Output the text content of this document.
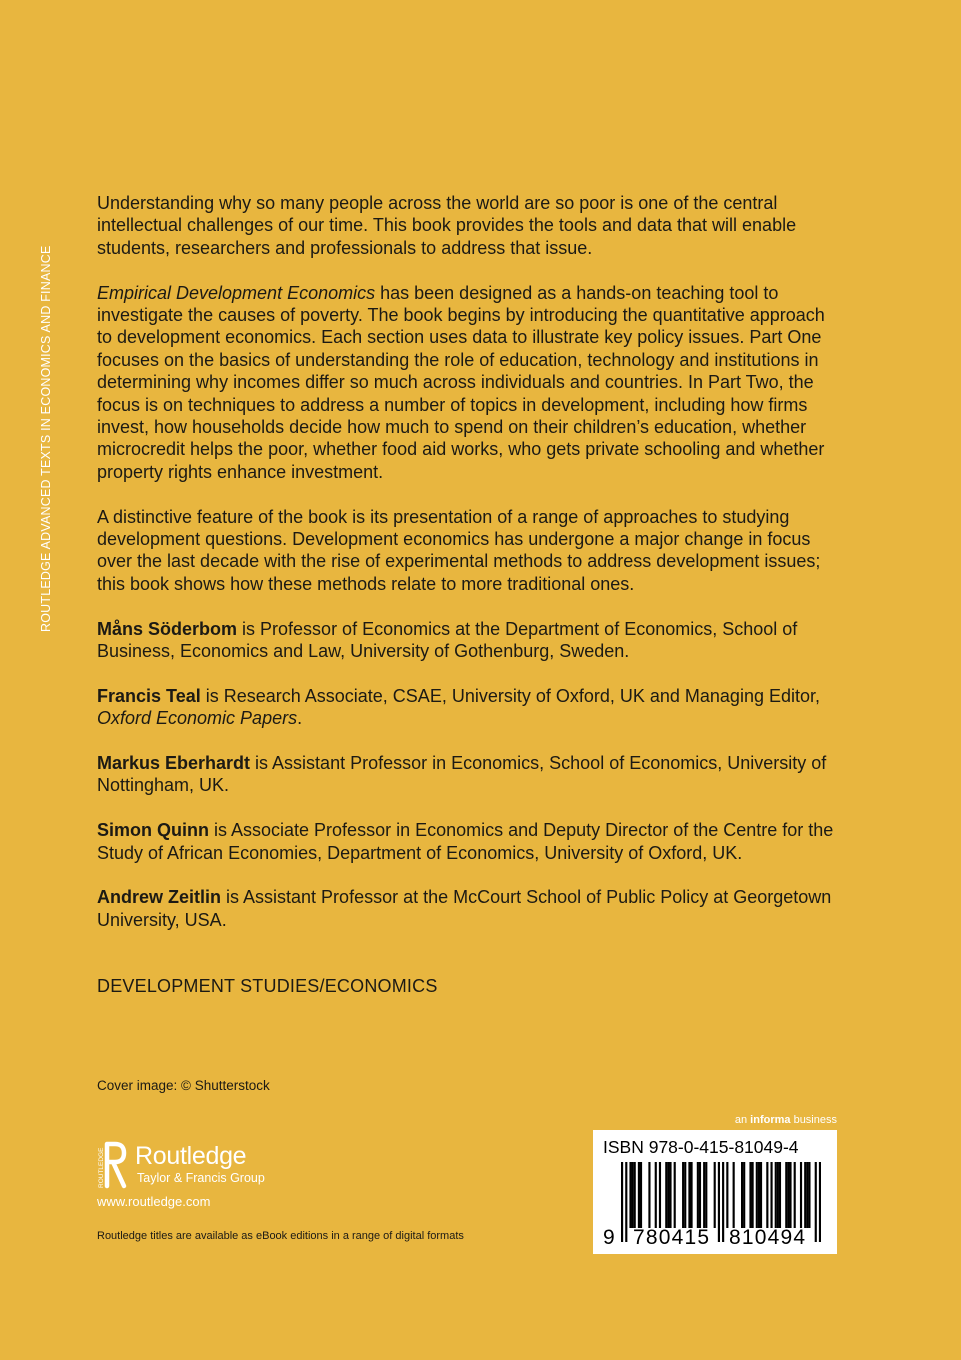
ROUTLEDGE ADVANCED TEXTS IN ECONOMICS AND FINANCE

Understanding why so many people across the world are so poor is one of the central intellectual challenges of our time. This book provides the tools and data that will enable students, researchers and professionals to address that issue.

Empirical Development Economics has been designed as a hands-on teaching tool to investigate the causes of poverty. The book begins by introducing the quantitative approach to development economics. Each section uses data to illustrate key policy issues. Part One focuses on the basics of understanding the role of education, technology and institutions in determining why incomes differ so much across individuals and countries. In Part Two, the focus is on techniques to address a number of topics in development, including how firms invest, how households decide how much to spend on their children’s education, whether microcredit helps the poor, whether food aid works, who gets private schooling and whether property rights enhance investment.

A distinctive feature of the book is its presentation of a range of approaches to studying development questions. Development economics has undergone a major change in focus over the last decade with the rise of experimental methods to address development issues; this book shows how these methods relate to more traditional ones.

Måns Söderbom is Professor of Economics at the Department of Economics, School of Business, Economics and Law, University of Gothenburg, Sweden.

Francis Teal is Research Associate, CSAE, University of Oxford, UK and Managing Editor, Oxford Economic Papers.

Markus Eberhardt is Assistant Professor in Economics, School of Economics, University of Nottingham, UK.

Simon Quinn is Associate Professor in Economics and Deputy Director of the Centre for the Study of African Economies, Department of Economics, University of Oxford, UK.

Andrew Zeitlin is Assistant Professor at the McCourt School of Public Policy at Georgetown University, USA.

DEVELOPMENT STUDIES/ECONOMICS

Cover image: © Shutterstock
ROUTLEDGE Routledge
Taylor & Francis Group
www.routledge.com
Routledge titles are available as eBook editions in a range of digital formats
an informa business
ISBN 978-0-415-81049-4
9 780415 810494
